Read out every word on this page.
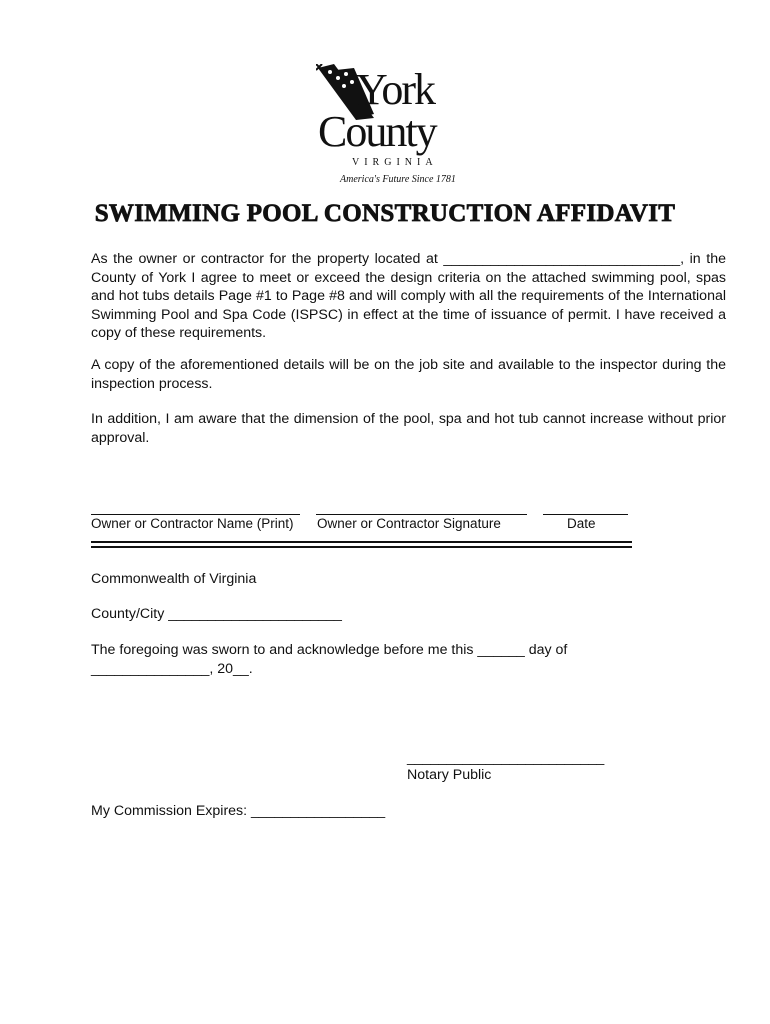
York
County
VIRGINIA
America's Future Since 1781
SWIMMING POOL CONSTRUCTION AFFIDAVIT
As the owner or contractor for the property located at ______________________________, in the County of York I agree to meet or exceed the design criteria on the attached swimming pool, spas and hot tubs details Page #1 to Page #8 and will comply with all the requirements of the International Swimming Pool and Spa Code (ISPSC) in effect at the time of issuance of permit. I have received a copy of these requirements.
A copy of the aforementioned details will be on the job site and available to the inspector during the inspection process.
In addition, I am aware that the dimension of the pool, spa and hot tub cannot increase without prior approval.
Owner or Contractor Name (Print) Owner or Contractor Signature	Date
Commonwealth of Virginia
County/City ______________________
The foregoing was sworn to and acknowledge before me this ______ day of
_______________, 20__.
_________________________
Notary Public
My Commission Expires: _________________
